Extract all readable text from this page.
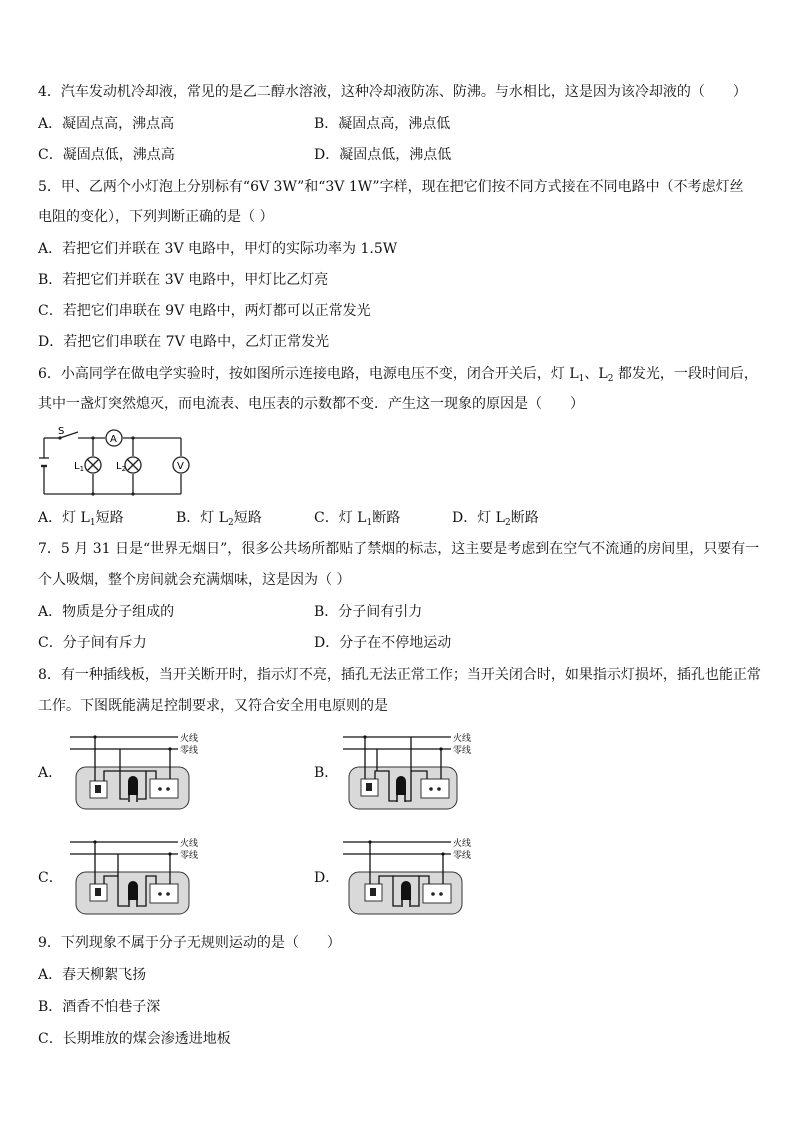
4．汽车发动机冷却液，常见的是乙二醇水溶液，这种冷却液防冻、防沸。与水相比，这是因为该冷却液的（　　）
A．凝固点高，沸点高	B．凝固点高，沸点低
C．凝固点低，沸点高	D．凝固点低，沸点低
5．甲、乙两个小灯泡上分别标有“6V 3W”和“3V 1W”字样，现在把它们按不同方式接在不同电路中（不考虑灯丝
电阻的变化），下列判断正确的是（ ）
A．若把它们并联在 3V 电路中，甲灯的实际功率为 1.5W
B．若把它们并联在 3V 电路中，甲灯比乙灯亮
C．若把它们串联在 9V 电路中，两灯都可以正常发光
D．若把它们串联在 7V 电路中，乙灯正常发光
6．小高同学在做电学实验时，按如图所示连接电路，电源电压不变，闭合开关后，灯 $L_1$、$L_2$ 都发光，一段时间后，
其中一盏灯突然熄灭，而电流表、电压表的示数都不变．产生这一现象的原因是（　　）
S
A
V
$L_1$	$L_2$
A．灯 $L_1$短路	B．灯 $L_2$短路	C．灯 $L_1$断路	D．灯 $L_2$断路
7．5 月 31 日是“世界无烟日”，很多公共场所都贴了禁烟的标志，这主要是考虑到在空气不流通的房间里，只要有一
个人吸烟，整个房间就会充满烟味，这是因为（ ）
A．物质是分子组成的	B．分子间有引力
C．分子间有斥力	D．分子在不停地运动
8．有一种插线板，当开关断开时，指示灯不亮，插孔无法正常工作；当开关闭合时，如果指示灯损坏，插孔也能正常
工作。下图既能满足控制要求，又符合安全用电原则的是
A．	B．
C．	D．
火线
零线
火线
零线
火线
零线
火线
零线
9．下列现象不属于分子无规则运动的是（　　）
A．春天柳絮飞扬
B．酒香不怕巷子深
C．长期堆放的煤会渗透进地板
